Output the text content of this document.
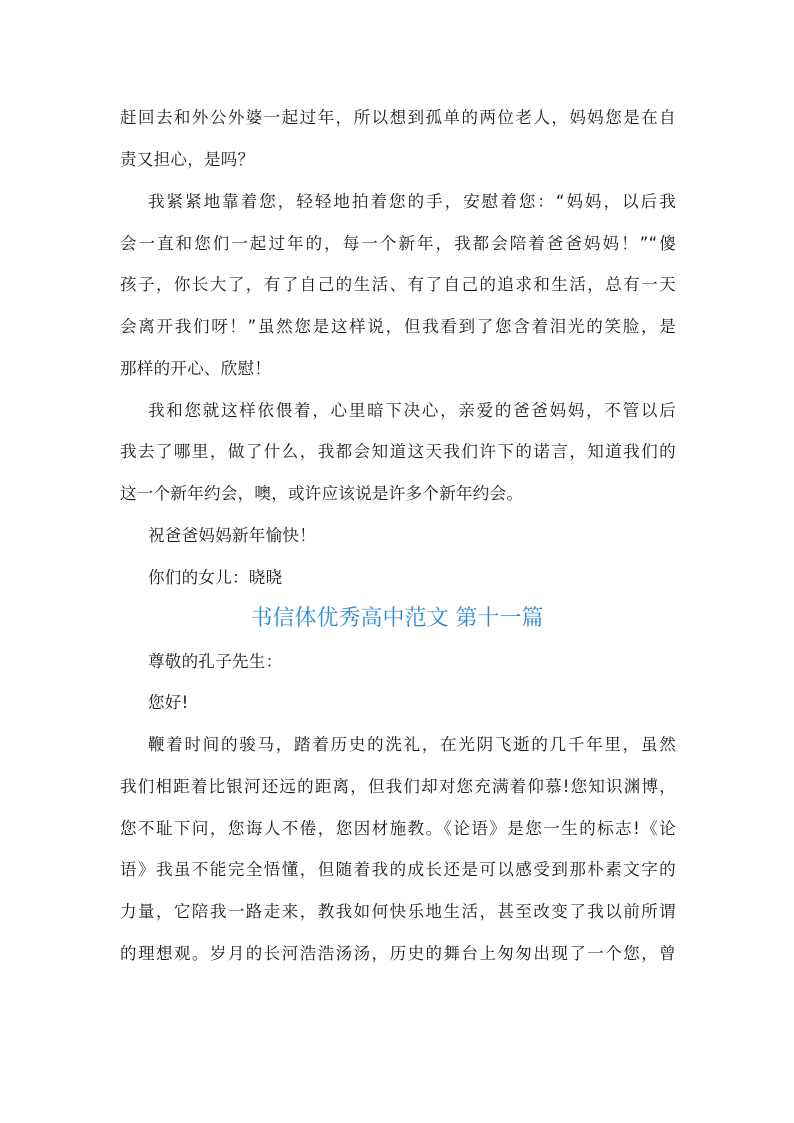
赶回去和外公外婆一起过年，所以想到孤单的两位老人，妈妈您是在自
责又担心，是吗？
我紧紧地靠着您，轻轻地拍着您的手，安慰着您：“妈妈，以后我
会一直和您们一起过年的，每一个新年，我都会陪着爸爸妈妈！”“傻
孩子，你长大了，有了自己的生活、有了自己的追求和生活，总有一天
会离开我们呀！”虽然您是这样说，但我看到了您含着泪光的笑脸，是
那样的开心、欣慰！
我和您就这样依偎着，心里暗下决心，亲爱的爸爸妈妈，不管以后
我去了哪里，做了什么，我都会知道这天我们许下的诺言，知道我们的
这一个新年约会，噢，或许应该说是许多个新年约会。
祝爸爸妈妈新年愉快！
你们的女儿：晓晓
书信体优秀高中范文 第十一篇
尊敬的孔子先生：
您好!
鞭着时间的骏马，踏着历史的洗礼，在光阴飞逝的几千年里，虽然
我们相距着比银河还远的距离，但我们却对您充满着仰慕!您知识渊博，
您不耻下问，您诲人不倦，您因材施教。《论语》是您一生的标志!《论
语》我虽不能完全悟懂，但随着我的成长还是可以感受到那朴素文字的
力量，它陪我一路走来，教我如何快乐地生活，甚至改变了我以前所谓
的理想观。岁月的长河浩浩汤汤，历史的舞台上匆匆出现了一个您，曾
